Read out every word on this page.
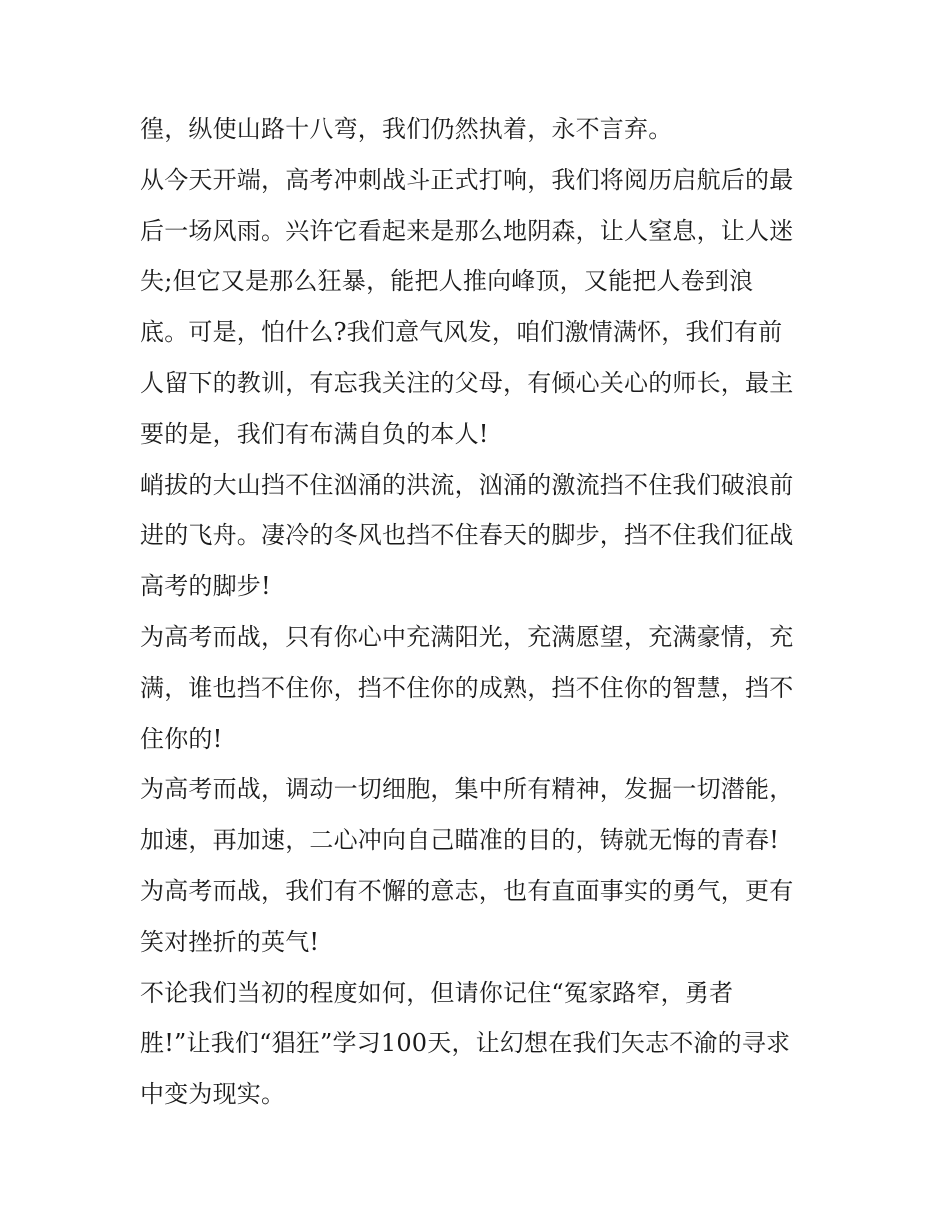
徨，纵使山路十八弯，我们仍然执着，永不言弃。
从今天开端，高考冲刺战斗正式打响，我们将阅历启航后的最
后一场风雨。兴许它看起来是那么地阴森，让人窒息，让人迷
失;但它又是那么狂暴，能把人推向峰顶，又能把人卷到浪
底。可是，怕什么?我们意气风发，咱们激情满怀，我们有前
人留下的教训，有忘我关注的父母，有倾心关心的师长，最主
要的是，我们有布满自负的本人!
峭拔的大山挡不住汹涌的洪流，汹涌的激流挡不住我们破浪前
进的飞舟。凄冷的冬风也挡不住春天的脚步，挡不住我们征战
高考的脚步!
为高考而战，只有你心中充满阳光，充满愿望，充满豪情，充
满，谁也挡不住你，挡不住你的成熟，挡不住你的智慧，挡不
住你的!
为高考而战，调动一切细胞，集中所有精神，发掘一切潜能，
加速，再加速，二心冲向自己瞄准的目的，铸就无悔的青春!
为高考而战，我们有不懈的意志，也有直面事实的勇气，更有
笑对挫折的英气!
不论我们当初的程度如何，但请你记住“冤家路窄，勇者
胜!”让我们“猖狂”学习100天，让幻想在我们矢志不渝的寻求
中变为现实。
